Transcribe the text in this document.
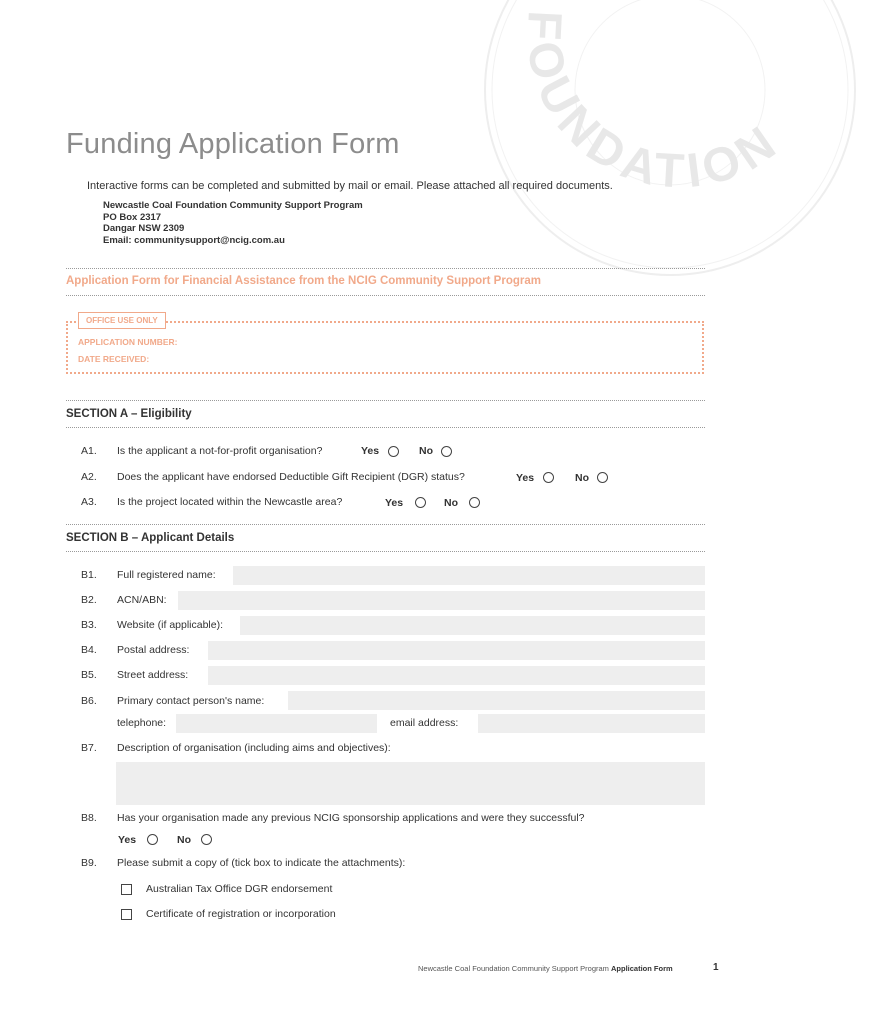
FOUNDATION
Funding Application Form
Interactive forms can be completed and submitted by mail or email. Please attached all required documents.
Newcastle Coal Foundation Community Support Program
PO Box 2317
Dangar NSW 2309
Email: communitysupport@ncig.com.au
Application Form for Financial Assistance from the NCIG Community Support Program
OFFICE USE ONLY
APPLICATION NUMBER:
DATE RECEIVED:
SECTION A – Eligibility
A1. Is the applicant a not-for-profit organisation?	Yes	No
A2. Does the applicant have endorsed Deductible Gift Recipient (DGR) status?	Yes	No
A3. Is the project located within the Newcastle area?	Yes	No
SECTION B – Applicant Details
B1. Full registered name:
B2. ACN/ABN:
B3. Website (if applicable):
B4. Postal address:
B5. Street address:
B6. Primary contact person's name:
telephone:	email address:
B7. Description of organisation (including aims and objectives):
B8. Has your organisation made any previous NCIG sponsorship applications and were they successful?
Yes	No
B9. Please submit a copy of (tick box to indicate the attachments):
Australian Tax Office DGR endorsement
Certificate of registration or incorporation
Newcastle Coal Foundation Community Support Program Application Form	1
